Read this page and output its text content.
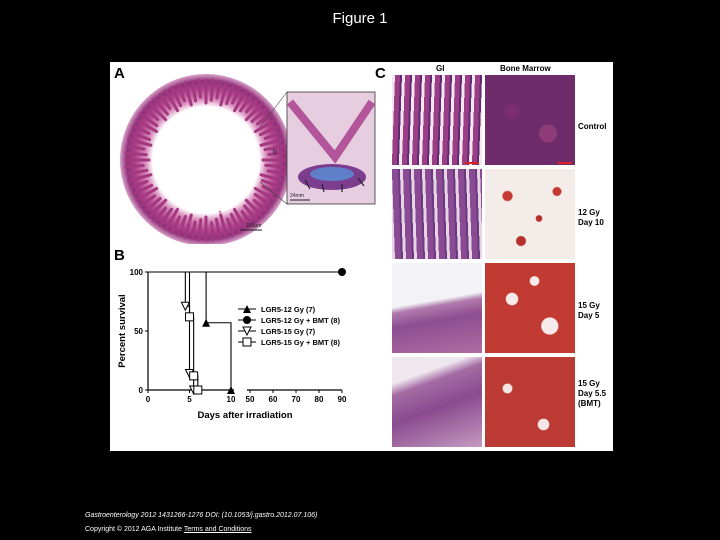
Figure 1
A
24mm
b
200μm
B
0	5	10 50 60 70 80 90
0
50
100
Days after irradiation
Percent survival	LGR5-12 Gy (7)
LGR5-12 Gy + BMT (8)
LGR5-15 Gy (7)
LGR5-15 Gy + BMT (8)
C	GI	Bone Marrow
Control
12 Gy Day 10
15 Gy Day 5
15 Gy Day 5.5 (BMT)
Gastroenterology 2012 1431266-1276 DOI: (10.1053/j.gastro.2012.07.106)
Copyright © 2012 AGA Institute Terms and Conditions
